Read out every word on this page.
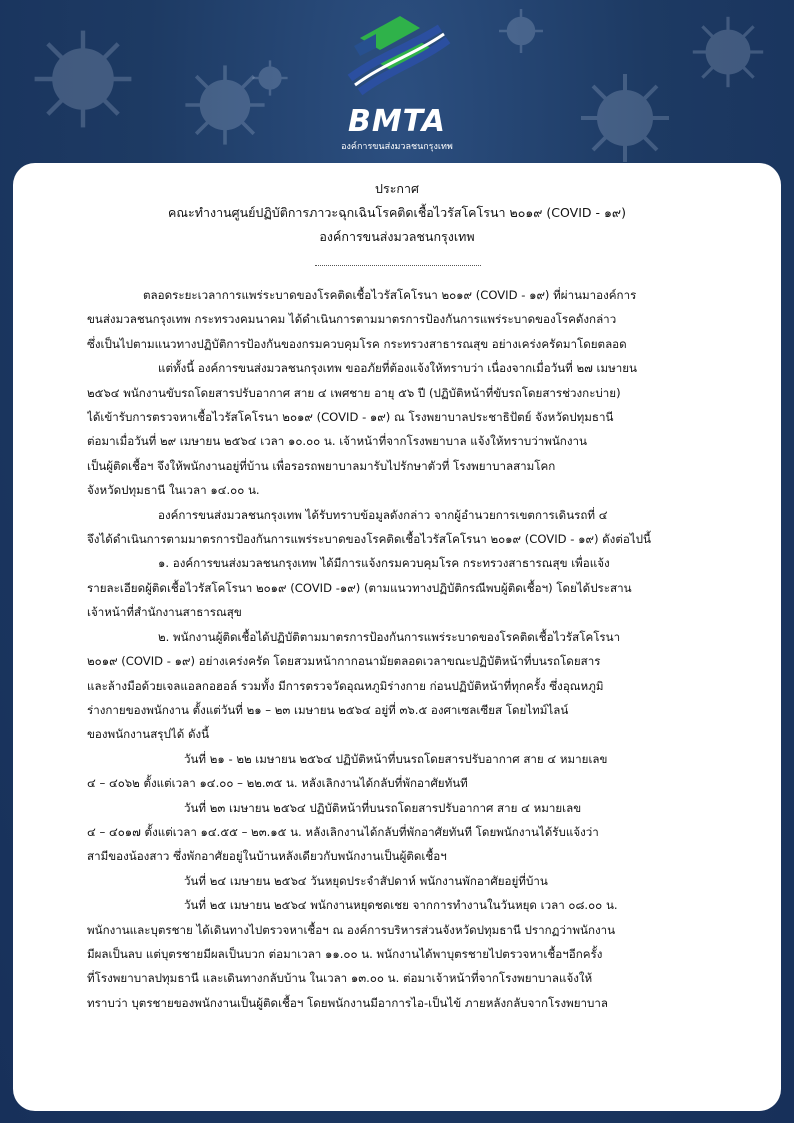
BMTA
องค์การขนส่งมวลชนกรุงเทพ
ประกาศ
คณะทำงานศูนย์ปฏิบัติการภาวะฉุกเฉินโรคติดเชื้อไวรัสโคโรนา ๒๐๑๙ (COVID - ๑๙)
องค์การขนส่งมวลชนกรุงเทพ
ตลอดระยะเวลาการแพร่ระบาดของโรคติดเชื้อไวรัสโคโรนา ๒๐๑๙ (COVID - ๑๙) ที่ผ่านมาองค์การ
ขนส่งมวลชนกรุงเทพ กระทรวงคมนาคม ได้ดำเนินการตามมาตรการป้องกันการแพร่ระบาดของโรคดังกล่าว
ซึ่งเป็นไปตามแนวทางปฏิบัติการป้องกันของกรมควบคุมโรค กระทรวงสาธารณสุข อย่างเคร่งครัดมาโดยตลอด
แต่ทั้งนี้ องค์การขนส่งมวลชนกรุงเทพ ขออภัยที่ต้องแจ้งให้ทราบว่า เนื่องจากเมื่อวันที่ ๒๗ เมษายน
๒๕๖๔ พนักงานขับรถโดยสารปรับอากาศ สาย ๔ เพศชาย อายุ ๕๖ ปี (ปฏิบัติหน้าที่ขับรถโดยสารช่วงกะบ่าย)
ได้เข้ารับการตรวจหาเชื้อไวรัสโคโรนา ๒๐๑๙ (COVID - ๑๙) ณ โรงพยาบาลประชาธิปัตย์ จังหวัดปทุมธานี
ต่อมาเมื่อวันที่ ๒๙ เมษายน ๒๕๖๔ เวลา ๑๐.๐๐ น. เจ้าหน้าที่จากโรงพยาบาล แจ้งให้ทราบว่าพนักงาน
เป็นผู้ติดเชื้อฯ จึงให้พนักงานอยู่ที่บ้าน เพื่อรอรถพยาบาลมารับไปรักษาตัวที่ โรงพยาบาลสามโคก
จังหวัดปทุมธานี ในเวลา ๑๔.๐๐ น.
องค์การขนส่งมวลชนกรุงเทพ ได้รับทราบข้อมูลดังกล่าว จากผู้อำนวยการเขตการเดินรถที่ ๔
จึงได้ดำเนินการตามมาตรการป้องกันการแพร่ระบาดของโรคติดเชื้อไวรัสโคโรนา ๒๐๑๙ (COVID - ๑๙) ดังต่อไปนี้
๑. องค์การขนส่งมวลชนกรุงเทพ ได้มีการแจ้งกรมควบคุมโรค กระทรวงสาธารณสุข เพื่อแจ้ง
รายละเอียดผู้ติดเชื้อไวรัสโคโรนา ๒๐๑๙ (COVID -๑๙) (ตามแนวทางปฏิบัติกรณีพบผู้ติดเชื้อฯ) โดยได้ประสาน
เจ้าหน้าที่สำนักงานสาธารณสุข
๒. พนักงานผู้ติดเชื้อได้ปฏิบัติตามมาตรการป้องกันการแพร่ระบาดของโรคติดเชื้อไวรัสโคโรนา
๒๐๑๙ (COVID - ๑๙) อย่างเคร่งครัด โดยสวมหน้ากากอนามัยตลอดเวลาขณะปฏิบัติหน้าที่บนรถโดยสาร
และล้างมือด้วยเจลแอลกอฮอล์ รวมทั้ง มีการตรวจวัดอุณหภูมิร่างกาย ก่อนปฏิบัติหน้าที่ทุกครั้ง ซึ่งอุณหภูมิ
ร่างกายของพนักงาน ตั้งแต่วันที่ ๒๑ – ๒๓ เมษายน ๒๕๖๔ อยู่ที่ ๓๖.๕ องศาเซลเซียส โดยไทม์ไลน์
ของพนักงานสรุปได้ ดังนี้
วันที่ ๒๑ - ๒๒ เมษายน ๒๕๖๔ ปฏิบัติหน้าที่บนรถโดยสารปรับอากาศ สาย ๔ หมายเลข
๔ – ๔๐๖๒ ตั้งแต่เวลา ๑๔.๐๐ – ๒๒.๓๕ น. หลังเลิกงานได้กลับที่พักอาศัยทันที
วันที่ ๒๓ เมษายน ๒๕๖๔ ปฏิบัติหน้าที่บนรถโดยสารปรับอากาศ สาย ๔ หมายเลข
๔ – ๔๐๑๗ ตั้งแต่เวลา ๑๔.๕๕ – ๒๓.๑๕ น. หลังเลิกงานได้กลับที่พักอาศัยทันที โดยพนักงานได้รับแจ้งว่า
สามีของน้องสาว ซึ่งพักอาศัยอยู่ในบ้านหลังเดียวกับพนักงานเป็นผู้ติดเชื้อฯ
วันที่ ๒๔ เมษายน ๒๕๖๔ วันหยุดประจำสัปดาห์ พนักงานพักอาศัยอยู่ที่บ้าน
วันที่ ๒๕ เมษายน ๒๕๖๔ พนักงานหยุดชดเชย จากการทำงานในวันหยุด เวลา ๐๘.๐๐ น.
พนักงานและบุตรชาย ได้เดินทางไปตรวจหาเชื้อฯ ณ องค์การบริหารส่วนจังหวัดปทุมธานี ปรากฏว่าพนักงาน
มีผลเป็นลบ แต่บุตรชายมีผลเป็นบวก ต่อมาเวลา ๑๑.๐๐ น. พนักงานได้พาบุตรชายไปตรวจหาเชื้อฯอีกครั้ง
ที่โรงพยาบาลปทุมธานี และเดินทางกลับบ้าน ในเวลา ๑๓.๐๐ น. ต่อมาเจ้าหน้าที่จากโรงพยาบาลแจ้งให้
ทราบว่า บุตรชายของพนักงานเป็นผู้ติดเชื้อฯ โดยพนักงานมีอาการไอ-เป็นไข้ ภายหลังกลับจากโรงพยาบาล
